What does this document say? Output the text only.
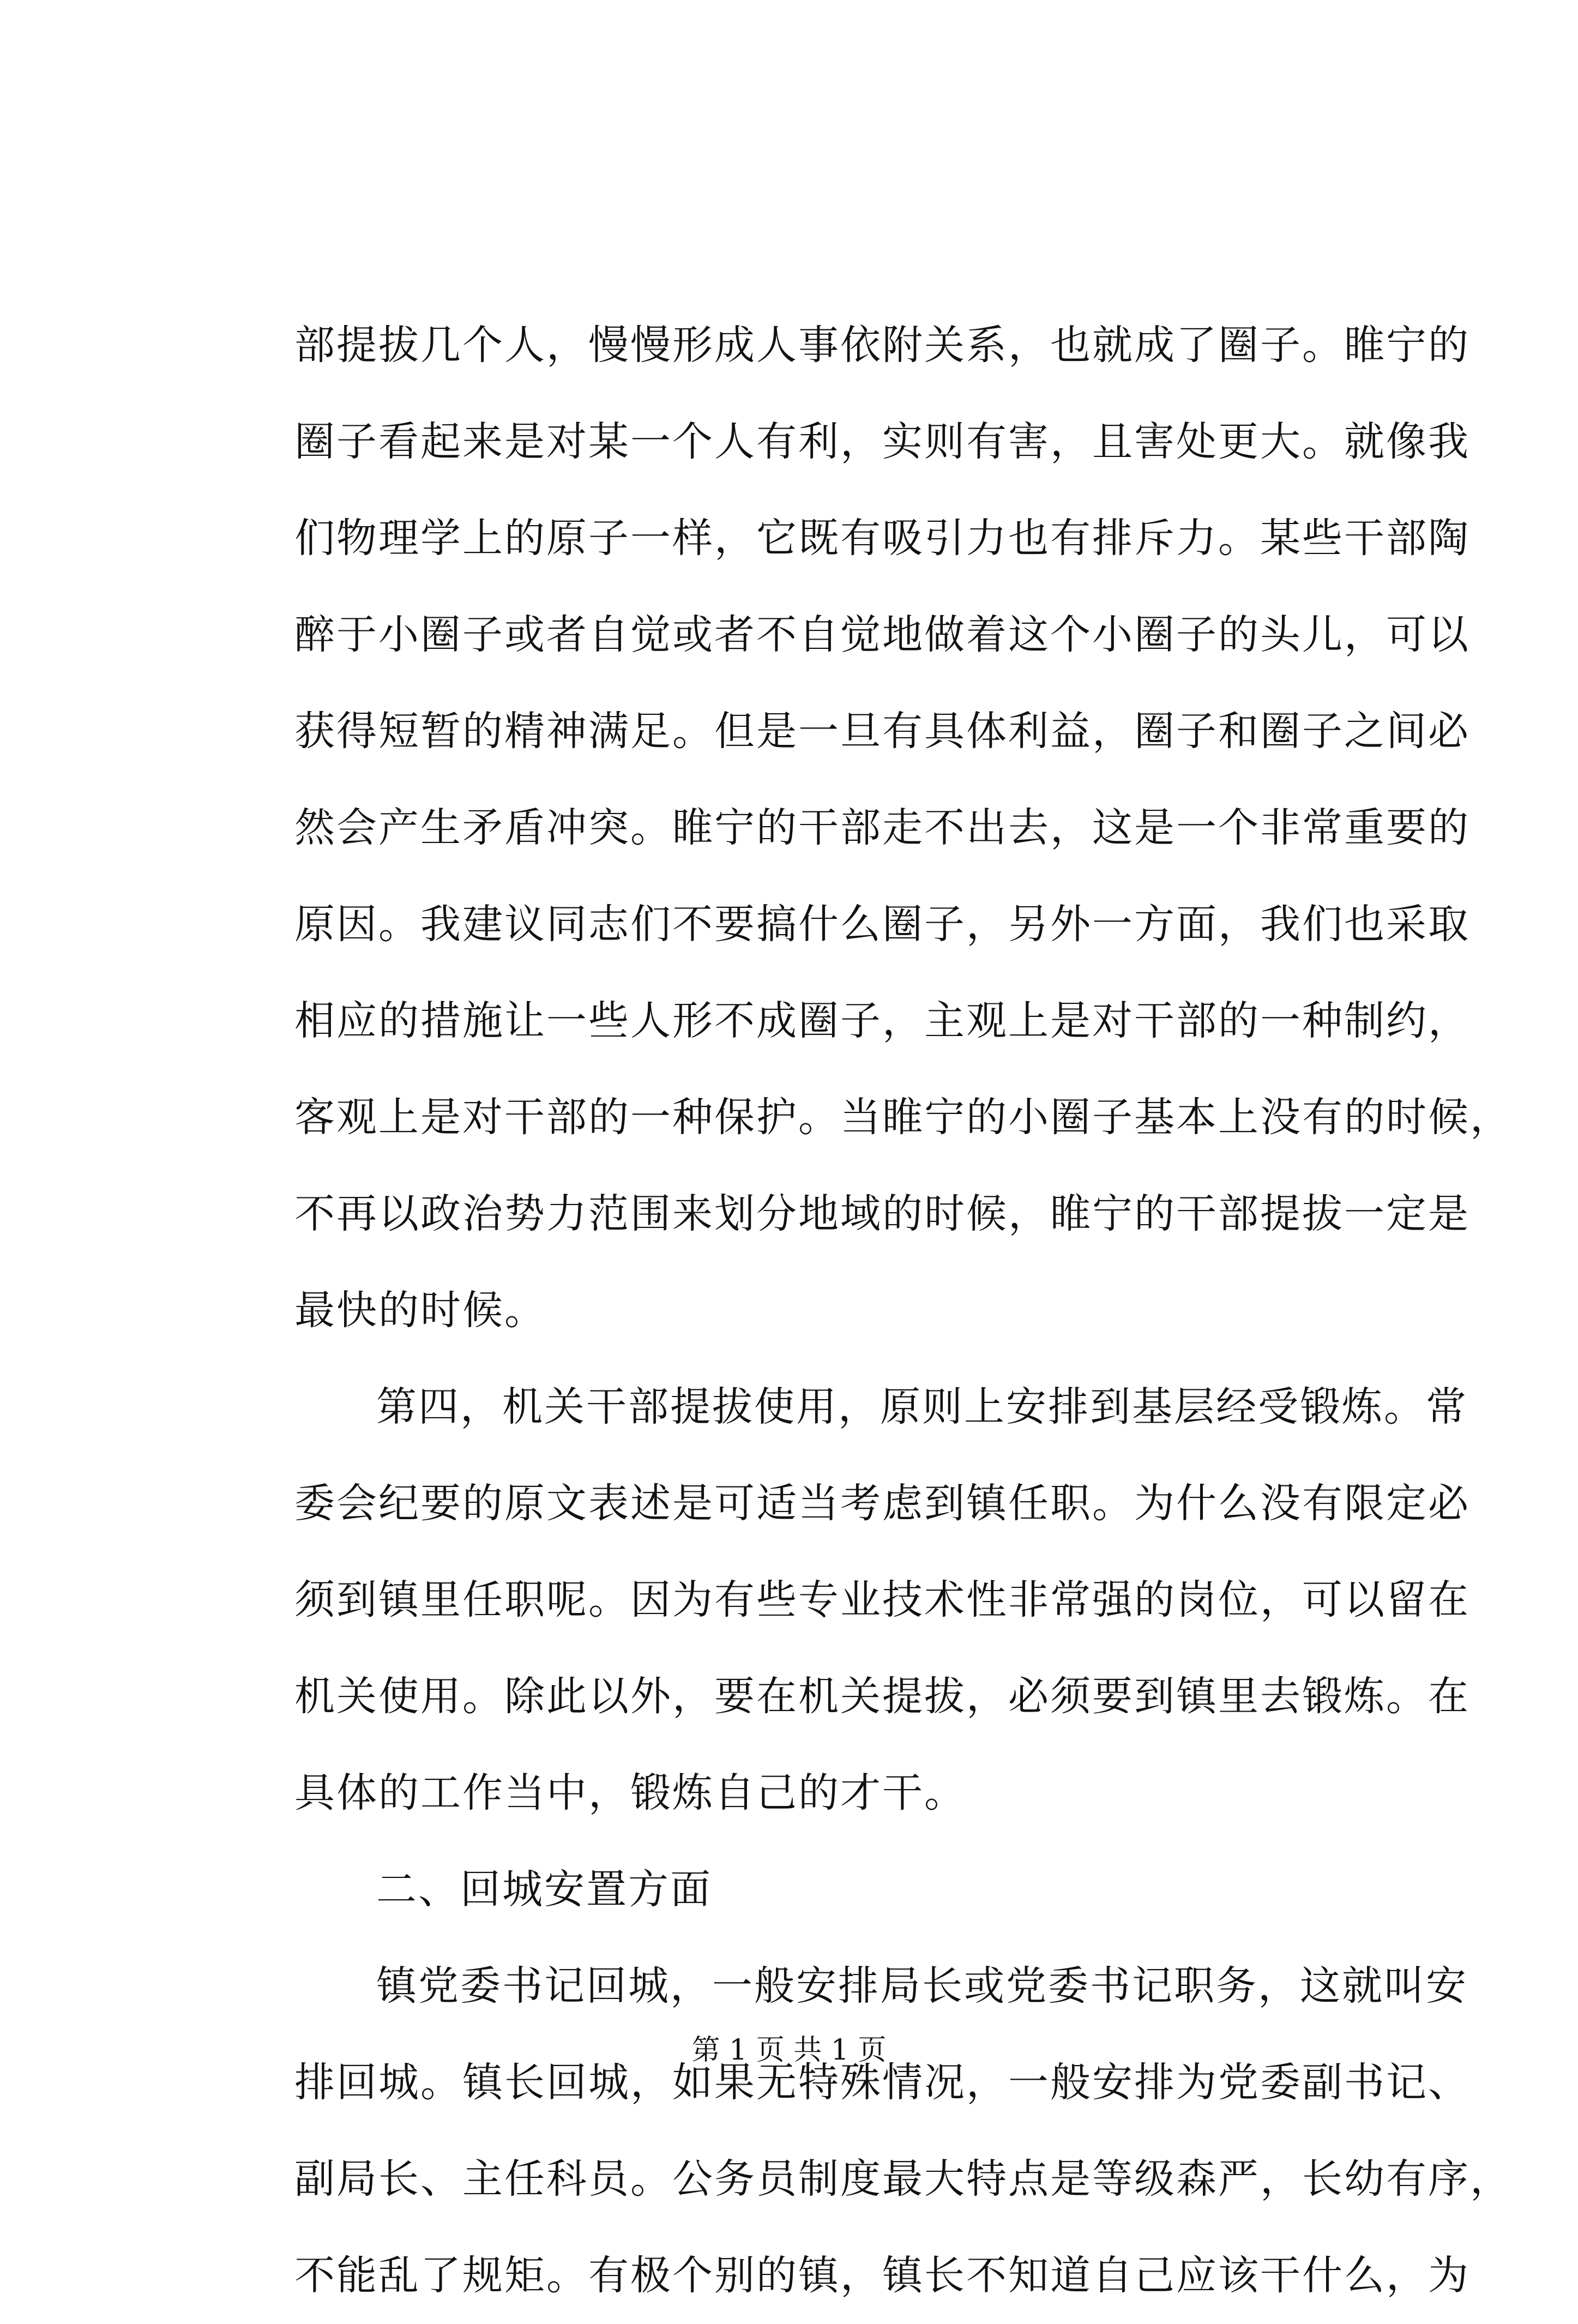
部提拔几个人，慢慢形成人事依附关系，也就成了圈子。睢宁的
圈子看起来是对某一个人有利，实则有害，且害处更大。就像我
们物理学上的原子一样，它既有吸引力也有排斥力。某些干部陶
醉于小圈子或者自觉或者不自觉地做着这个小圈子的头儿，可以
获得短暂的精神满足。但是一旦有具体利益，圈子和圈子之间必
然会产生矛盾冲突。睢宁的干部走不出去，这是一个非常重要的
原因。我建议同志们不要搞什么圈子，另外一方面，我们也采取
相应的措施让一些人形不成圈子，主观上是对干部的一种制约，
客观上是对干部的一种保护。当睢宁的小圈子基本上没有的时候，
不再以政治势力范围来划分地域的时候，睢宁的干部提拔一定是
最快的时候。
第四，机关干部提拔使用，原则上安排到基层经受锻炼。常
委会纪要的原文表述是可适当考虑到镇任职。为什么没有限定必
须到镇里任职呢。因为有些专业技术性非常强的岗位，可以留在
机关使用。除此以外，要在机关提拔，必须要到镇里去锻炼。在
具体的工作当中，锻炼自己的才干。
二、回城安置方面
镇党委书记回城，一般安排局长或党委书记职务，这就叫安
排回城。镇长回城，如果无特殊情况，一般安排为党委副书记、
副局长、主任科员。公务员制度最大特点是等级森严，长幼有序，
不能乱了规矩。有极个别的镇，镇长不知道自己应该干什么，为
第 1 页 共 1 页
